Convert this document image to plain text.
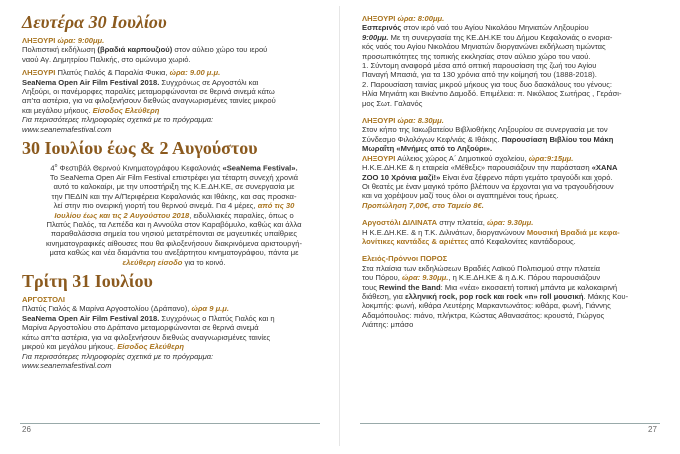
Δευτέρα 30 Ιουλίου
ΛΗΞΟΥΡΙ ώρα: 9:00μμ.
Πολιτιστική εκδήλωση (βραδιά καρπουζιού) στον αύλειο χώρο του ιερού
ναού Αγ. Δημητρίου Παλικής, στο ομώνυμο χωριό.
ΛΗΞΟΥΡΙ Πλατύς Γιαλός & Παραλία Φυκια, ώρα: 9.00 μ.μ.
SeaNema Open Air Film Festival 2018. Συγχρόνως σε Αργοστόλι και
Ληξούρι, οι πανέμορφες παραλίες μεταμορφώνονται σε θερινά σινεμά κάτω
απ'τα αστέρια, για να φιλοξενήσουν διεθνώς αναγνωρισμένες ταινίες μικρού
και μεγάλου μήκους. Είσοδος Ελεύθερη
Για περισσότερες πληροφορίες σχετικά με το πρόγραμμα:
www.seanemafestival.com
30 Ιουλίου έως & 2 Αυγούστου
$4^o$ Φεστιβάλ Θερινού Κινηματογράφου Κεφαλονιάς «SeaNema Festival».
Το SeaNema Open Air Film Festival επιστρέφει για τέταρτη συνεχή χρονιά
αυτό το καλοκαίρι, με την υποστήριξη της Κ.Ε.ΔΗ.ΚΕ, σε συνεργασία με
την ΠΕΔΙΝ και την Α/Περιφέρεια Κεφαλονιάς και Ιθάκης, και σας προσκα-
λεί στην πιο ονειρική γιορτή του θερινού σινεμά. Για 4 μέρες, από τις 30
Ιουλίου έως και τις 2 Αυγούστου 2018, ειδυλλιακές παραλίες, όπως ο
Πλατύς Γιαλός, τα Λεπέδα και η Αννούλα στον Καραβόμυλο, καθώς και άλλα
παραθαλάσσια σημεία του νησιού μετατρέπονται σε μαγευτικές υπαίθριες
κινηματογραφικές αίθουσες που θα φιλοξενήσουν διακρινόμενα αριστουργή-
ματα καθώς και νέα διαμάντια του ανεξάρτητου κινηματογράφου, πάντα με
ελεύθερη είσοδο για το κοινό.
Τρίτη 31 Ιουλίου
ΑΡΓΟΣΤΟΛΙ
Πλατύς Γιαλός & Μαρίνα Αργοστολίου (Δράπανο), ώρα 9 μ.μ.
SeaNema Open Air Film Festival 2018. Συγχρόνως ο Πλατύς Γιαλός και η
Μαρίνα Αργοστολίου στο Δράπανο μεταμορφώνονται σε θερινά σινεμά
κάτω απ'τα αστέρια, για να φιλοξενήσουν διεθνώς αναγνωρισμένες ταινίες
μικρού και μεγάλου μήκους. Είσοδος Ελεύθερη
Για περισσότερες πληροφορίες σχετικά με το πρόγραμμα:
www.seanemafestival.com
ΛΗΞΟΥΡΙ ώρα: 8:00μμ.
Εσπερινός στον ιερό ναό του Αγίου Νικολάου Μηνιατών Ληξουρίου
9:00μμ. Με τη συνεργασία της ΚΕ.ΔΗ.ΚΕ του Δήμου Κεφαλονιάς ο ενορια-
κός ναός του Αγίου Νικολάου Μηνιατών διοργανώνει εκδήλωση τιμώντας
προσωπικότητες της τοπικής εκκλησίας στον αύλειο χώρο του ναού.
1. Σύντομη αναφορά μέσα από οπτική παρουσίαση της ζωή του Αγίου
Παναγή Μπασιά, για τα 130 χρόνια από την κοίμησή του (1888-2018).
2. Παρουσίαση ταινίας μικρού μήκους για τους δυο δασκάλους του γένους:
Ηλία Μηνιάτη και Βικέντιο Δαμοδό. Επιμέλεια: π. Νικόλαος Σωτήρας , Γεράσι-
μος Σωτ. Γαλανός
ΛΗΞΟΥΡΙ ώρα: 8.30μμ.
Στον κήπο της Ιακωβατείου Βιβλιοθήκης Ληξουρίου σε συνεργασία με τον
Σύνδεσμο Φιλολόγων Κεφ/νιάς & Ιθάκης. Παρουσίαση Βιβλίου του Μάκη
Μωραΐτη «Μνήμες από το Ληξούρι».
ΛΗΞΟΥΡΙ Αύλειος χώρος Α΄ Δημοτικού σχολείου, ώρα:9:15μμ.
Η.Κ.Ε.ΔΗ.ΚΕ & η εταιρεία «Μέθεξις» παρουσιάζουν την παράσταση «ΧΑΝΑ
ΖΟΟ 10 Χρόνια μαζί!» Είναι ένα ξέφρενο πάρτι γεμάτο τραγούδι και χορό.
Οι θεατές με έναν μαγικό τρόπο βλέπουν να έρχονται για να τραγουδήσουν
και να χορέψουν μαζί τους όλοι οι αγαπημένοι τους ήρωες.
Προπώληση 7,00€, στο Ταμείο 8€.
Αργοστόλι ΔΙΛΙΝΑΤΑ στην πλατεία, ώρα: 9.30μμ.
Η Κ.Ε.ΔΗ.ΚΕ. & η Τ.Κ. Διλινάτων, διοργανώνουν Μουσική Βραδιά με κεφα-
λονίτικες καντάδες & αριέττες από Κεφαλονίτες καντάδορους.
Ελειός-Πρόννοι ΠΟΡΟΣ
Στα πλαίσια των εκδηλώσεων Βραδιές Λαϊκού Πολιτισμού στην πλατεία
του Πόρου, ώρα: 9.30μμ., η Κ.Ε.ΔΗ.ΚΕ & η Δ.Κ. Πόρου παρουσιάζουν
τους Rewind the Band: Μια «νέα» εικοσαετή τοπική μπάντα με καλοκαιρινή
διάθεση, για ελληνική rock, pop rock και rock «n» roll μουσική. Μάκης Κου-
λοκμπής: φωνή, κιθάρα Λευτέρης Μαρκαντωνάτος: κιθάρα, φωνή, Γιάννης
Αδαμόπουλος: πιάνο, πλήκτρα, Κώστας Αθανασάτος: κρουστά, Γιώργος
Λιάπης: μπάσο
26	27
